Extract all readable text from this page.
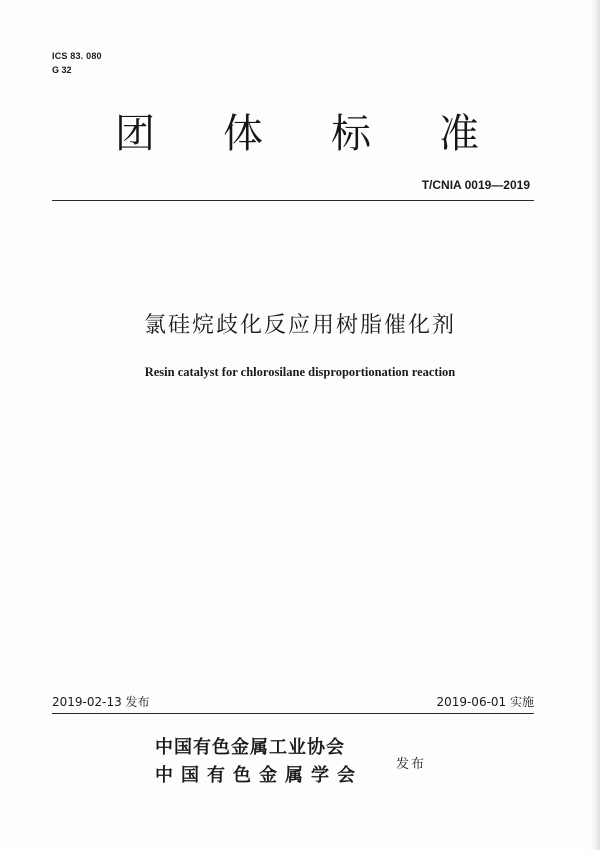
ICS 83. 080
G 32
团 体 标 准
T/CNIA 0019—2019
氯硅烷歧化反应用树脂催化剂
Resin catalyst for chlorosilane disproportionation reaction
2019-02-13 发布	2019-06-01 实施
中国有色金属工业协会
中国有色金属学会
发布
